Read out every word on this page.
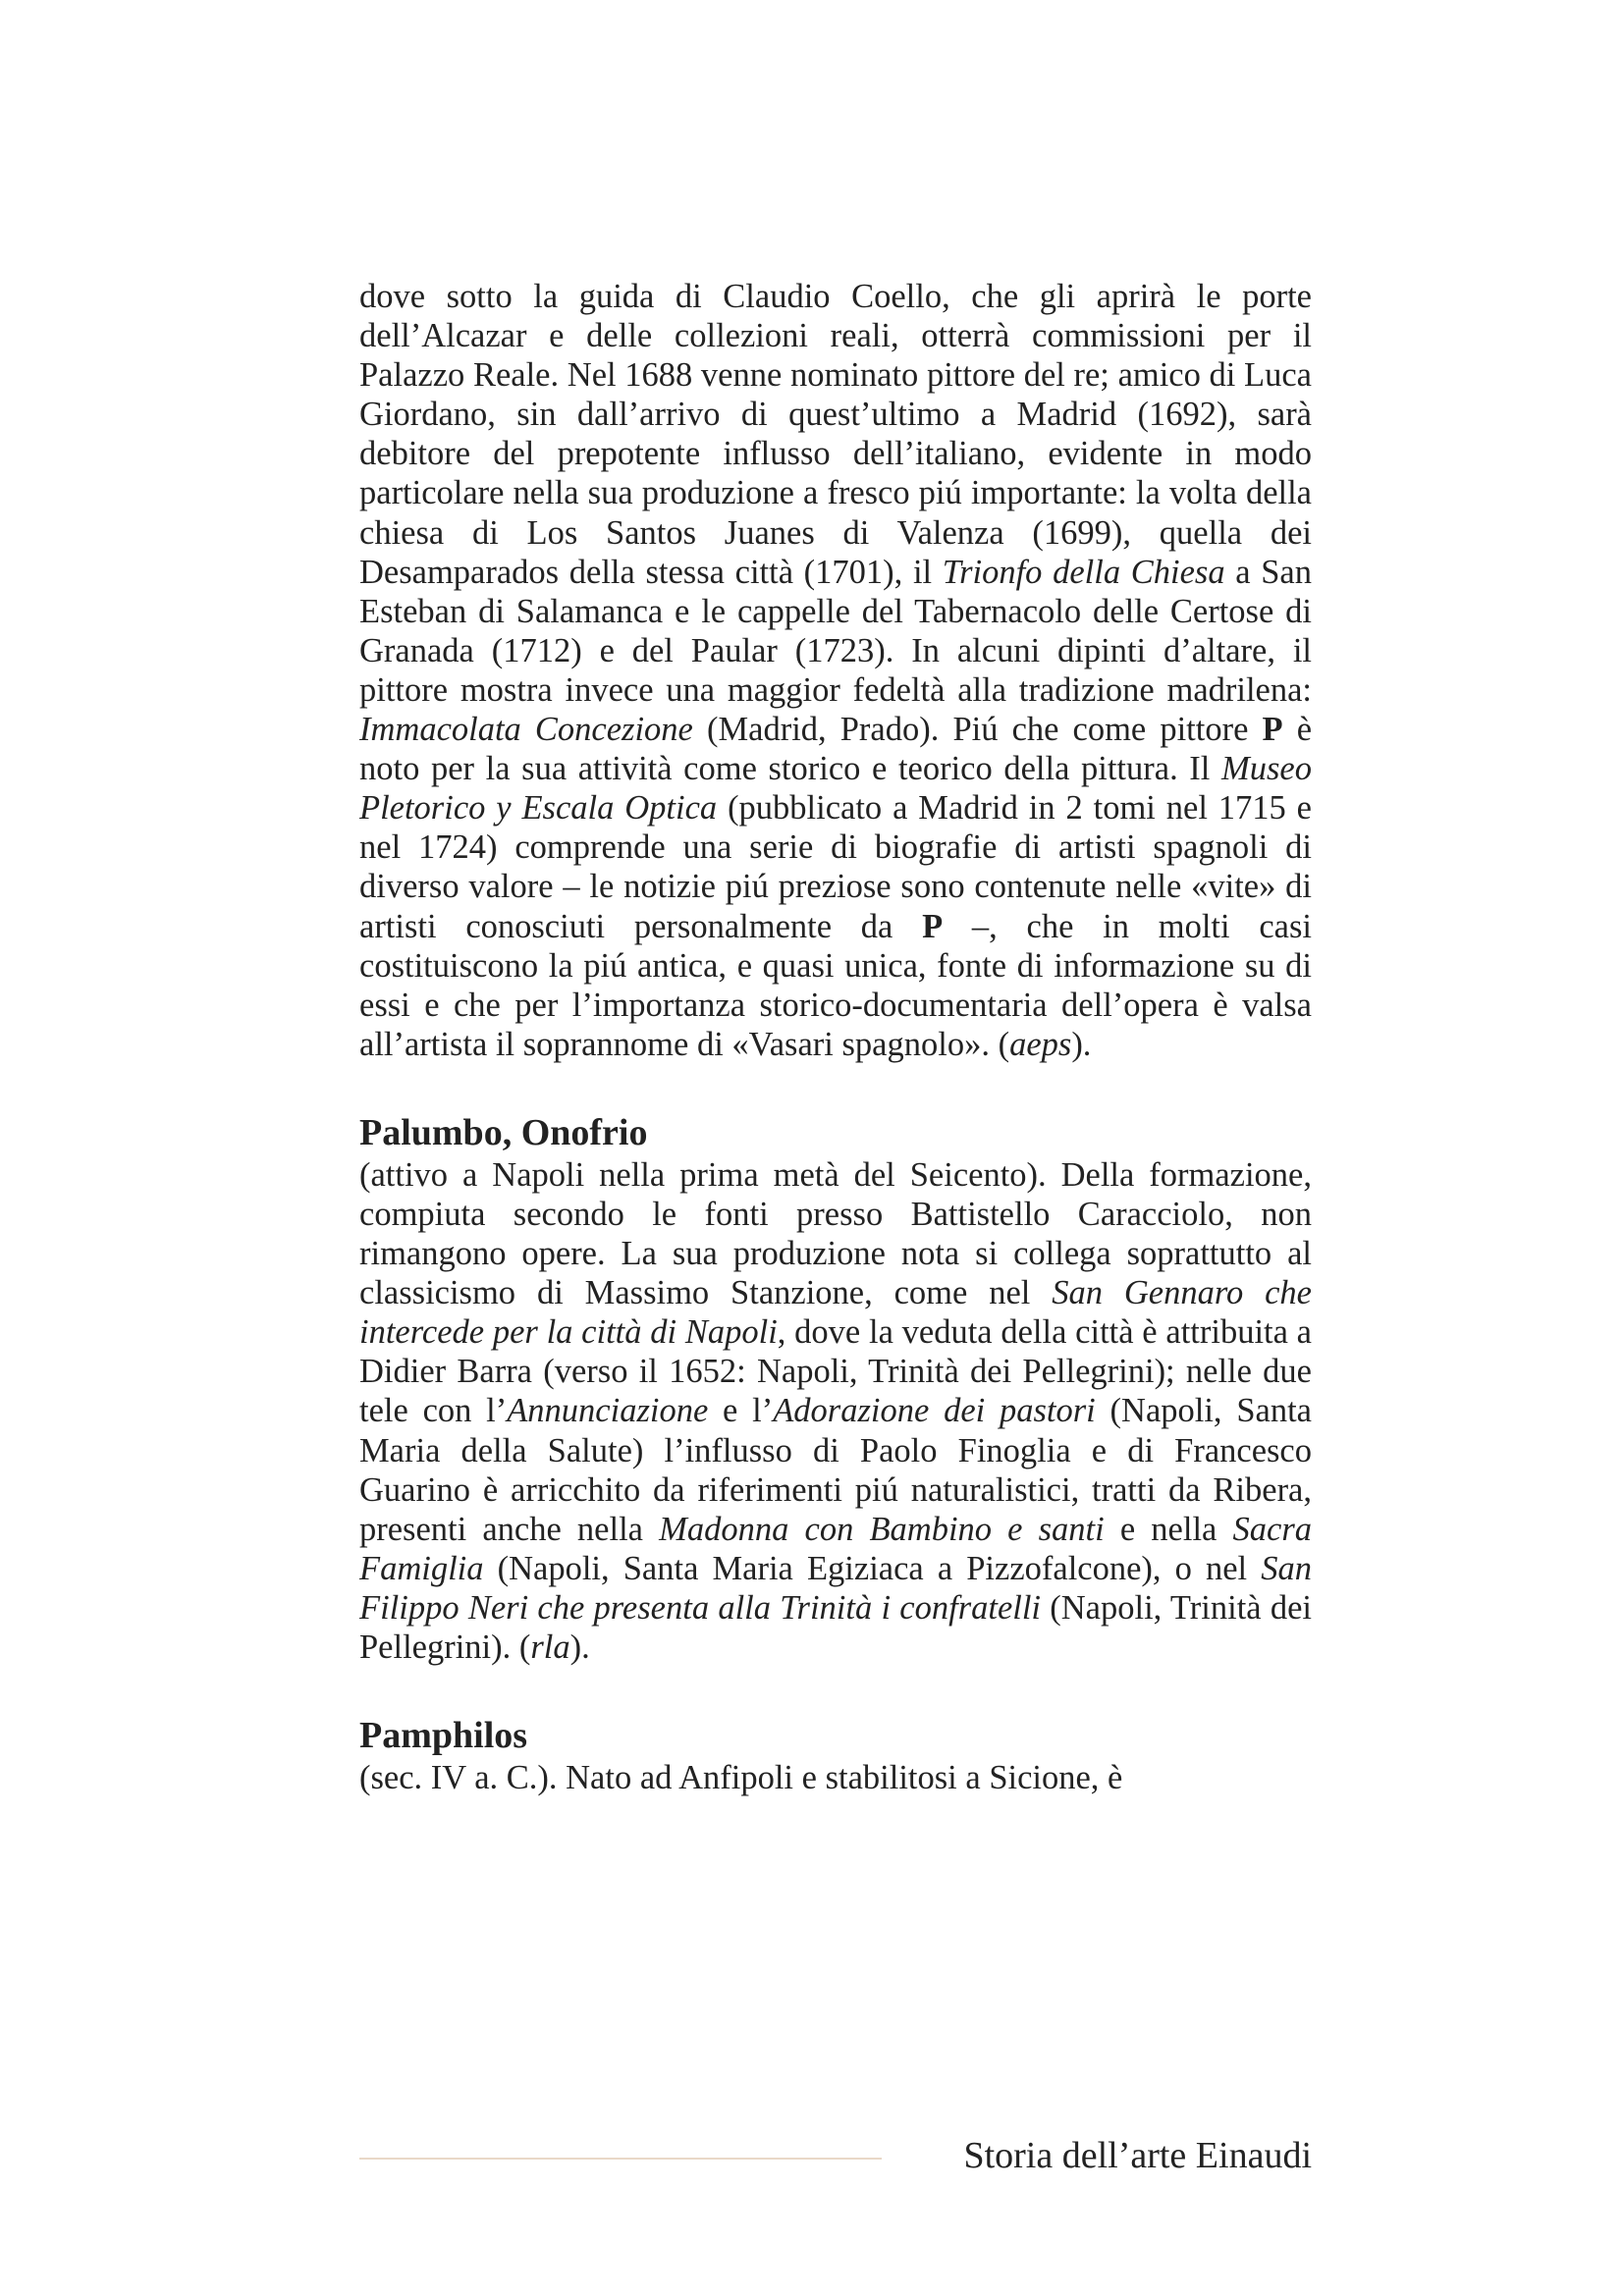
dove sotto la guida di Claudio Coello, che gli aprirà le porte dell’Alcazar e delle collezioni reali, otterrà commissioni per il Palazzo Reale. Nel 1688 venne nominato pittore del re; amico di Luca Giordano, sin dall’arrivo di quest’ultimo a Madrid (1692), sarà debitore del prepotente influsso dell’italiano, evidente in modo particolare nella sua produzione a fresco piú importante: la volta della chiesa di Los Santos Juanes di Valenza (1699), quella dei Desamparados della stessa città (1701), il Trionfo della Chiesa a San Esteban di Salamanca e le cappelle del Tabernacolo delle Certose di Granada (1712) e del Paular (1723). In alcuni dipinti d’altare, il pittore mostra invece una maggior fedeltà alla tradizione madrilena: Immacolata Concezione (Madrid, Prado). Piú che come pittore P è noto per la sua attività come storico e teorico della pittura. Il Museo Pletorico y Escala Optica (pubblicato a Madrid in 2 tomi nel 1715 e nel 1724) comprende una serie di biografie di artisti spagnoli di diverso valore – le notizie piú preziose sono contenute nelle «vite» di artisti conosciuti personalmente da P –, che in molti casi costituiscono la piú antica, e quasi unica, fonte di informazione su di essi e che per l’importanza storico-documentaria dell’opera è valsa all’artista il soprannome di «Vasari spagnolo». (aeps).

Palumbo, Onofrio

(attivo a Napoli nella prima metà del Seicento). Della formazione, compiuta secondo le fonti presso Battistello Caracciolo, non rimangono opere. La sua produzione nota si collega soprattutto al classicismo di Massimo Stanzione, come nel San Gennaro che intercede per la città di Napoli, dove la veduta della città è attribuita a Didier Barra (verso il 1652: Napoli, Trinità dei Pellegrini); nelle due tele con l’Annunciazione e l’Adorazione dei pastori (Napoli, Santa Maria della Salute) l’influsso di Paolo Finoglia e di Francesco Guarino è arricchito da riferimenti piú naturalistici, tratti da Ribera, presenti anche nella Madonna con Bambino e santi e nella Sacra Famiglia (Napoli, Santa Maria Egiziaca a Pizzofalcone), o nel San Filippo Neri che presenta alla Trinità i confratelli (Napoli, Trinità dei Pellegrini). (rla).

Pamphilos

(sec. IV a. C.). Nato ad Anfipoli e stabilitosi a Sicione, è

Storia dell’arte Einaudi
